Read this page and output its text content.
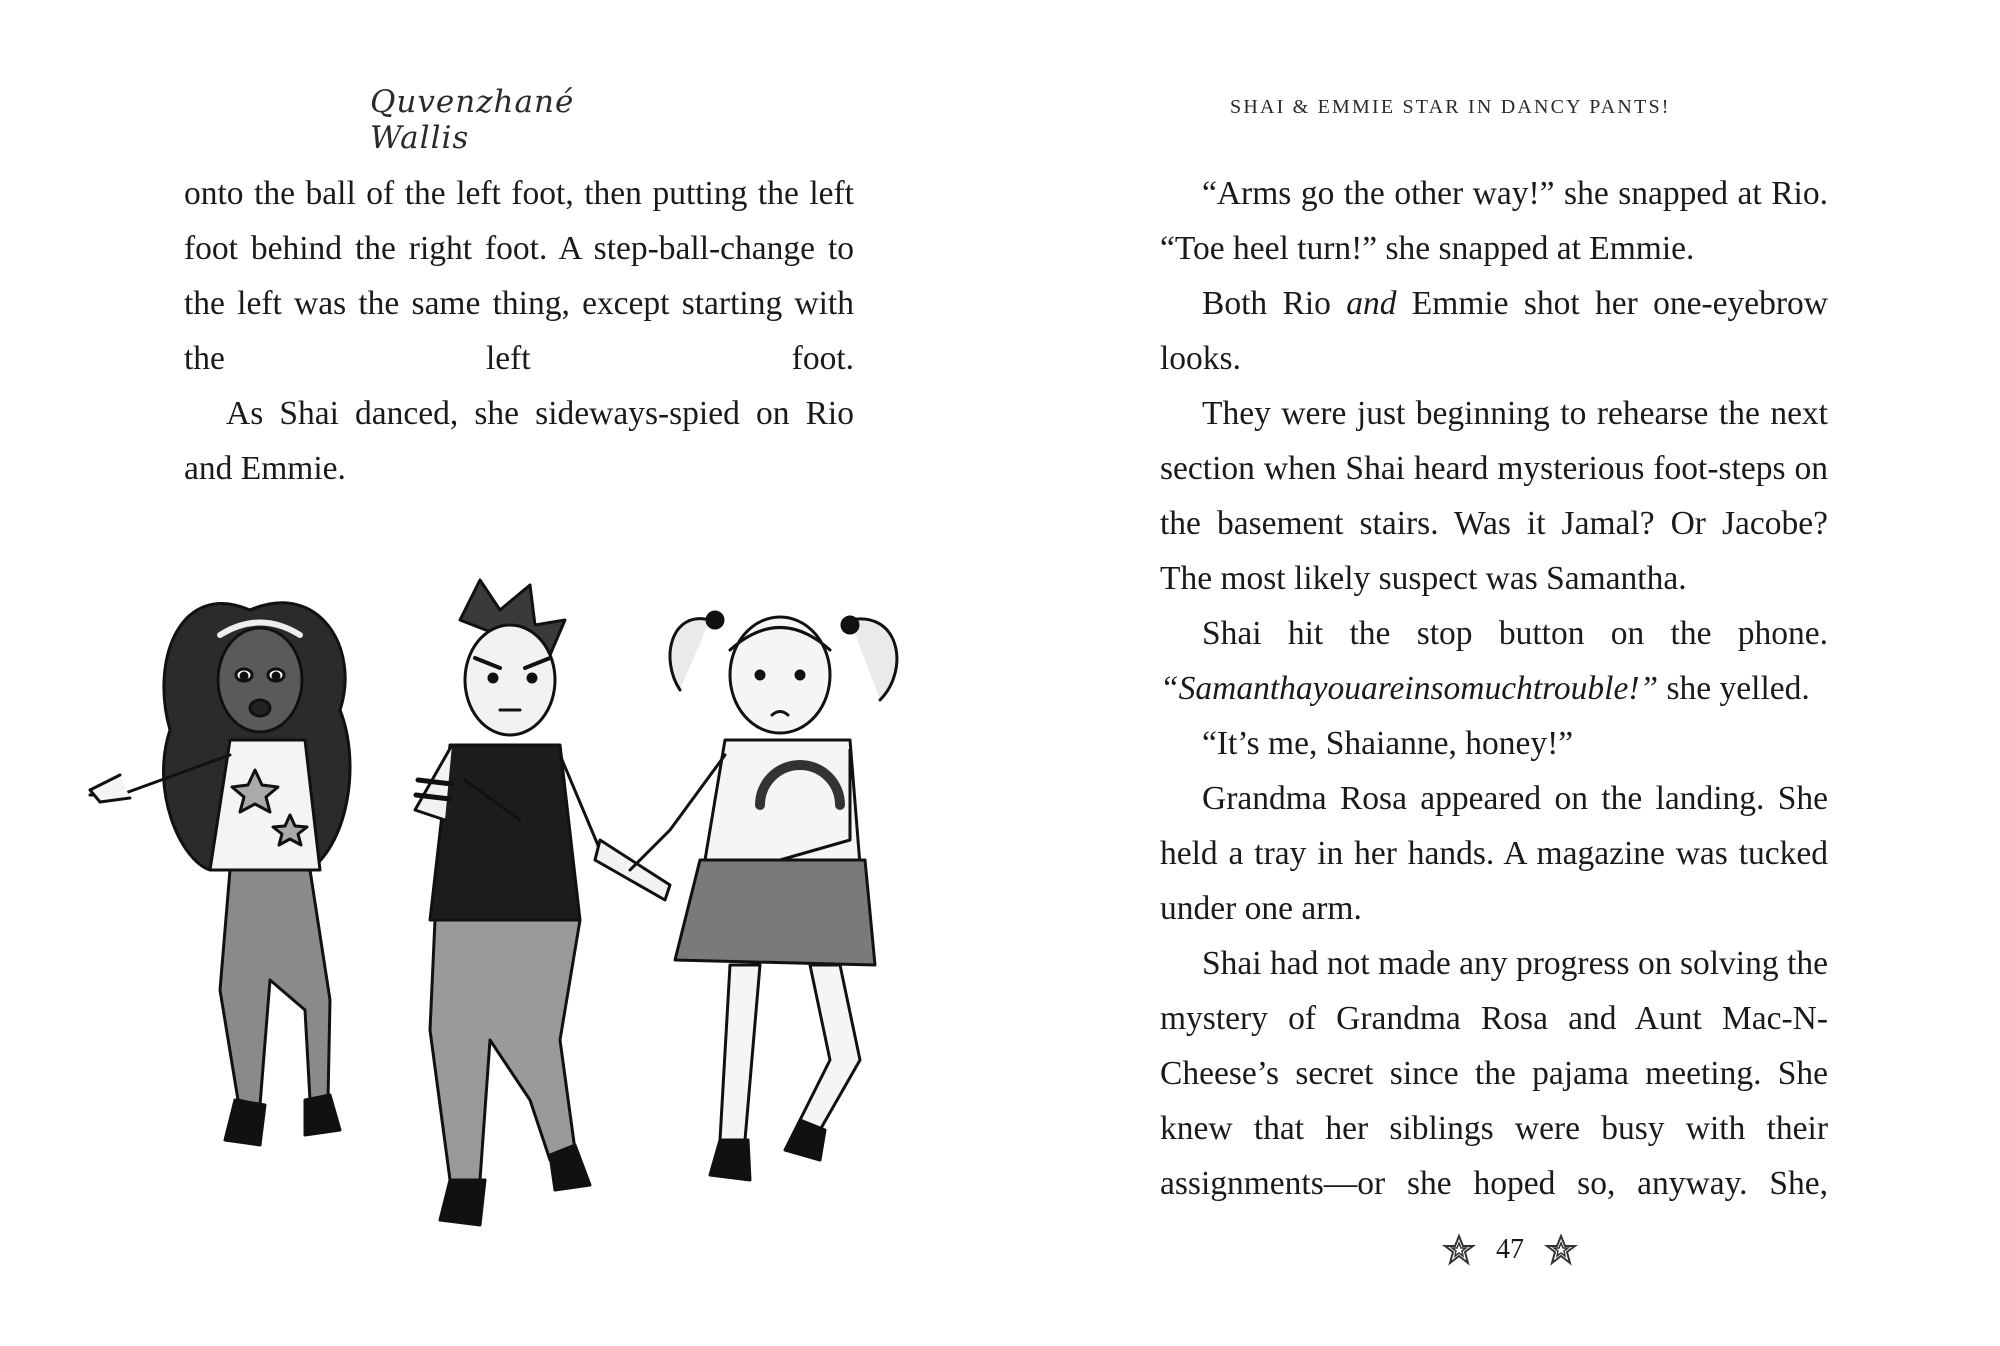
Quvenzhané Wallis

onto the ball of the left foot, then putting the left foot behind the right foot. A step-ball-change to the left was the same thing, except starting with the left foot.

As Shai danced, she sideways-spied on Rio and Emmie.

SHAI & EMMIE STAR IN DANCY PANTS!

“Arms go the other way!” she snapped at Rio. “Toe heel turn!” she snapped at Emmie.

Both Rio and Emmie shot her one-eyebrow looks.

They were just beginning to rehearse the next section when Shai heard mysterious foot-steps on the basement stairs. Was it Jamal? Or Jacobe? The most likely suspect was Samantha.

Shai hit the stop button on the phone. “Samanthayouareinsomuchtrouble!” she yelled.

“It’s me, Shaianne, honey!”

Grandma Rosa appeared on the landing. She held a tray in her hands. A magazine was tucked under one arm.

Shai had not made any progress on solving the mystery of Grandma Rosa and Aunt Mac-N-Cheese’s secret since the pajama meeting. She knew that her siblings were busy with their assignments—or she hoped so, anyway. She,

47
